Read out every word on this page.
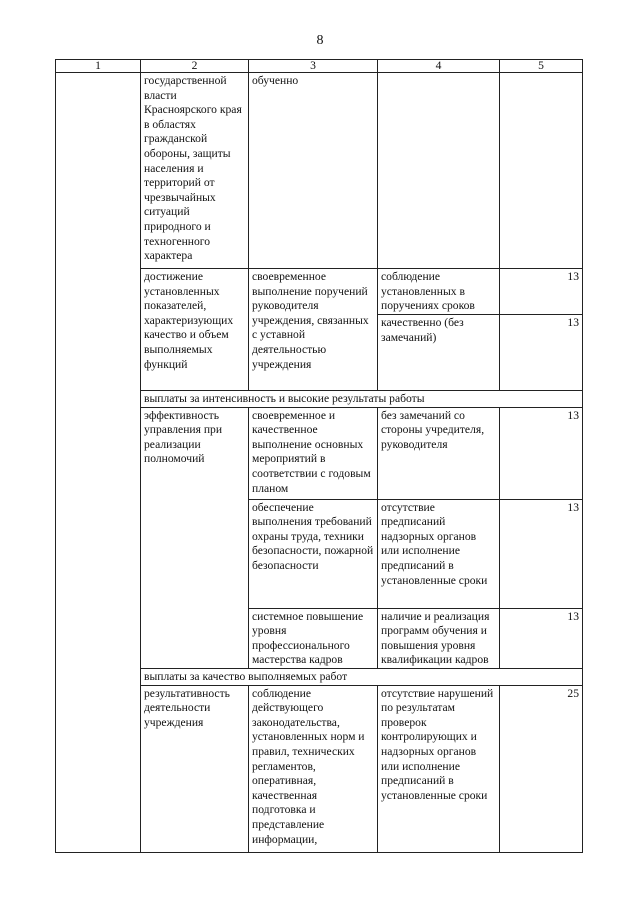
8
1	2	3	4	5
	государственной власти Красноярского края в областях гражданской обороны, защиты населения и территорий от чрезвычайных ситуаций природного и техногенного характера	обученно		
	достижение установленных показателей, характеризующих качество и объем выполняемых функций	своевременное выполнение поручений руководителя учреждения, связанных с уставной деятельностью учреждения	соблюдение установленных в поручениях сроков	13
			качественно (без замечаний)	13
	выплаты за интенсивность и высокие результаты работы			
	эффективность управления при реализации полномочий	своевременное и качественное выполнение основных мероприятий в соответствии с годовым планом	без замечаний со стороны учредителя, руководителя	13
		обеспечение выполнения требований охраны труда, техники безопасности, пожарной безопасности	отсутствие предписаний надзорных органов или исполнение предписаний в установленные сроки	13
		системное повышение уровня профессионального мастерства кадров	наличие и реализация программ обучения и повышения уровня квалификации кадров	13
	выплаты за качество выполняемых работ			
	результативность деятельности учреждения	соблюдение действующего законодательства, установленных норм и правил, технических регламентов, оперативная, качественная подготовка и представление информации,	отсутствие нарушений по результатам проверок контролирующих и надзорных органов или исполнение предписаний в установленные сроки	25
